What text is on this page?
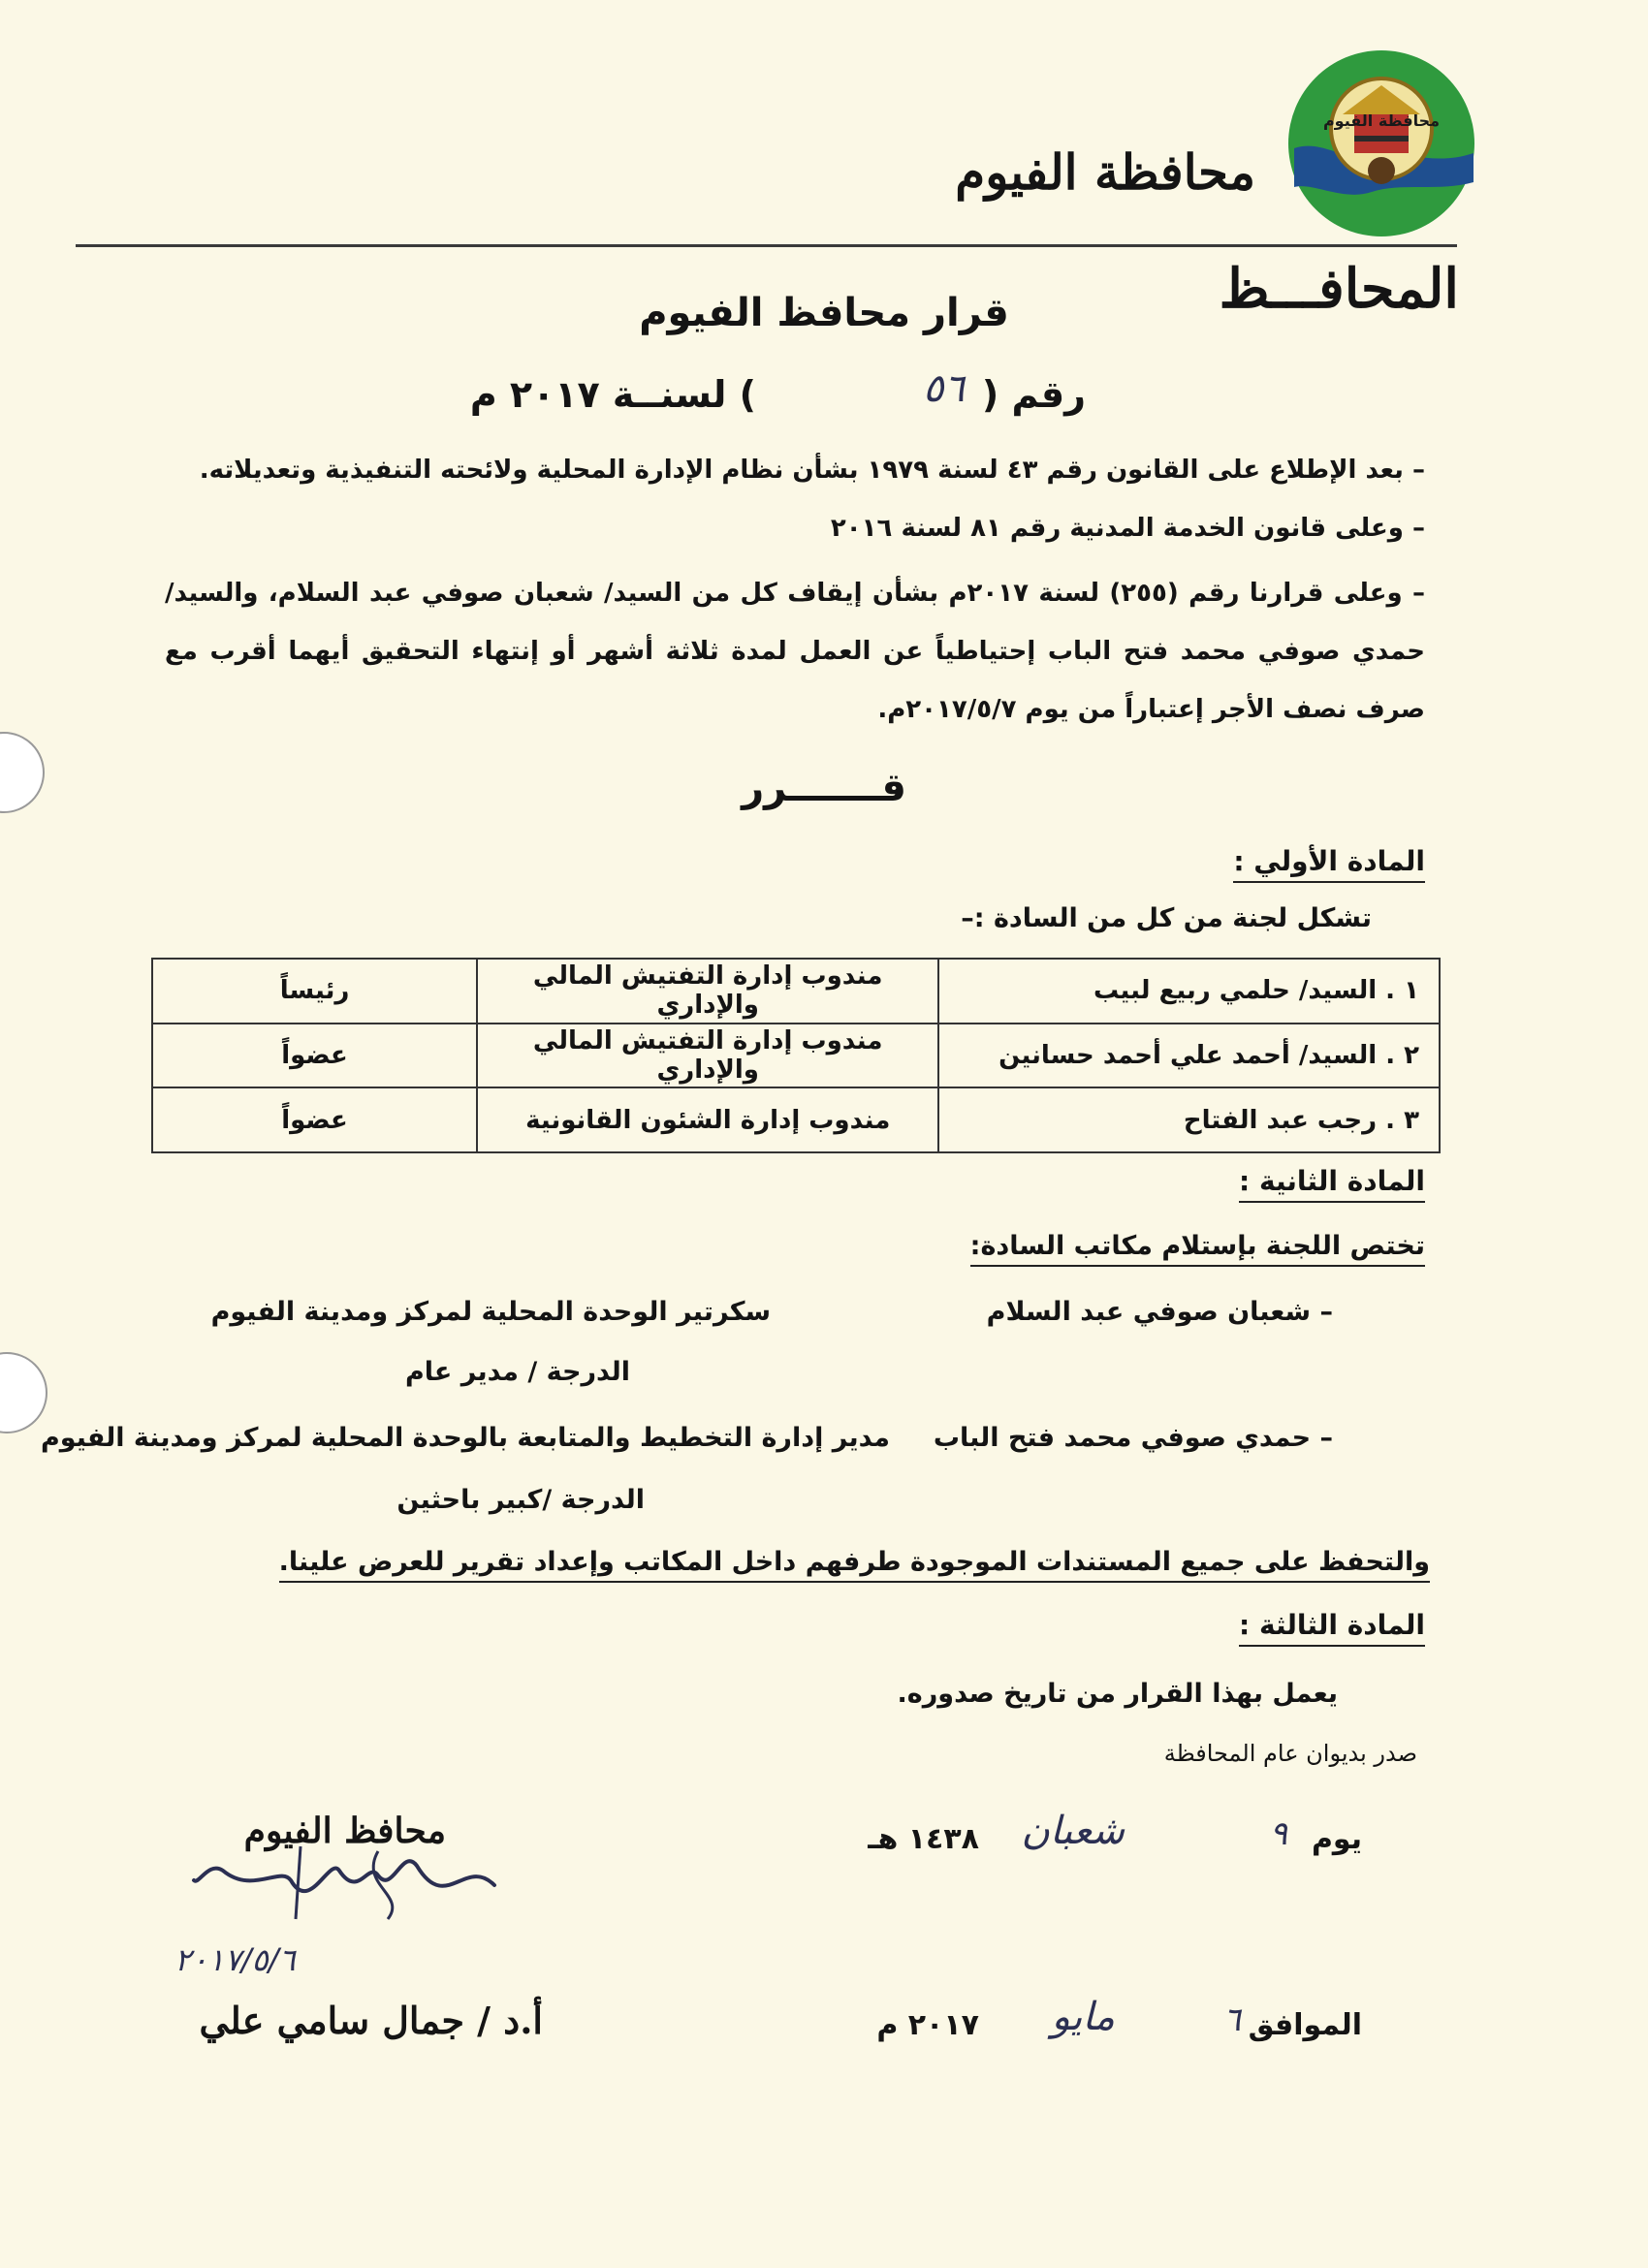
محافظة الفيوم
محافظة الفيوم
المحافـــظ
قرار محافظ الفيوم
رقم (
٥٦
) لسنــة ٢٠١٧ م
– بعد الإطلاع على القانون رقم ٤٣ لسنة ١٩٧٩ بشأن نظام الإدارة المحلية ولائحته التنفيذية وتعديلاته.
– وعلى قانون الخدمة المدنية رقم ٨١ لسنة ٢٠١٦
– وعلى قرارنا رقم (٢٥٥) لسنة ٢٠١٧م بشأن إيقاف كل من السيد/ شعبان صوفي عبد السلام، والسيد/ حمدي صوفي محمد فتح الباب إحتياطياً عن العمل لمدة ثلاثة أشهر أو إنتهاء التحقيق أيهما أقرب مع صرف نصف الأجر إعتباراً من يوم ٢٠١٧/٥/٧م.
قـــــــرر
المادة الأولي :
تشكل لجنة من كل من السادة :–
١ . السيد/ حلمي ربيع لبيب	مندوب إدارة التفتيش المالي والإداري	رئيساً
٢ . السيد/ أحمد علي أحمد حسانين	مندوب إدارة التفتيش المالي والإداري	عضواً
٣ . رجب عبد الفتاح	مندوب إدارة الشئون القانونية	عضواً
المادة الثانية :
تختص اللجنة بإستلام مكاتب السادة:
– شعبان صوفي عبد السلام
سكرتير الوحدة المحلية لمركز ومدينة الفيوم
الدرجة / مدير عام
– حمدي صوفي محمد فتح الباب
مدير إدارة التخطيط والمتابعة بالوحدة المحلية لمركز ومدينة الفيوم
الدرجة /كبير باحثين
والتحفظ على جميع المستندات الموجودة طرفهم داخل المكاتب وإعداد تقرير للعرض علينا.
المادة الثالثة :
يعمل بهذا القرار من تاريخ صدوره.
صدر بديوان عام المحافظة
يوم
٩
شعبان
١٤٣٨ هـ
الموافق
٦
مايو
٢٠١٧ م
محافظ الفيوم
٢٠١٧/٥/٦
أ.د / جمال سامي علي
